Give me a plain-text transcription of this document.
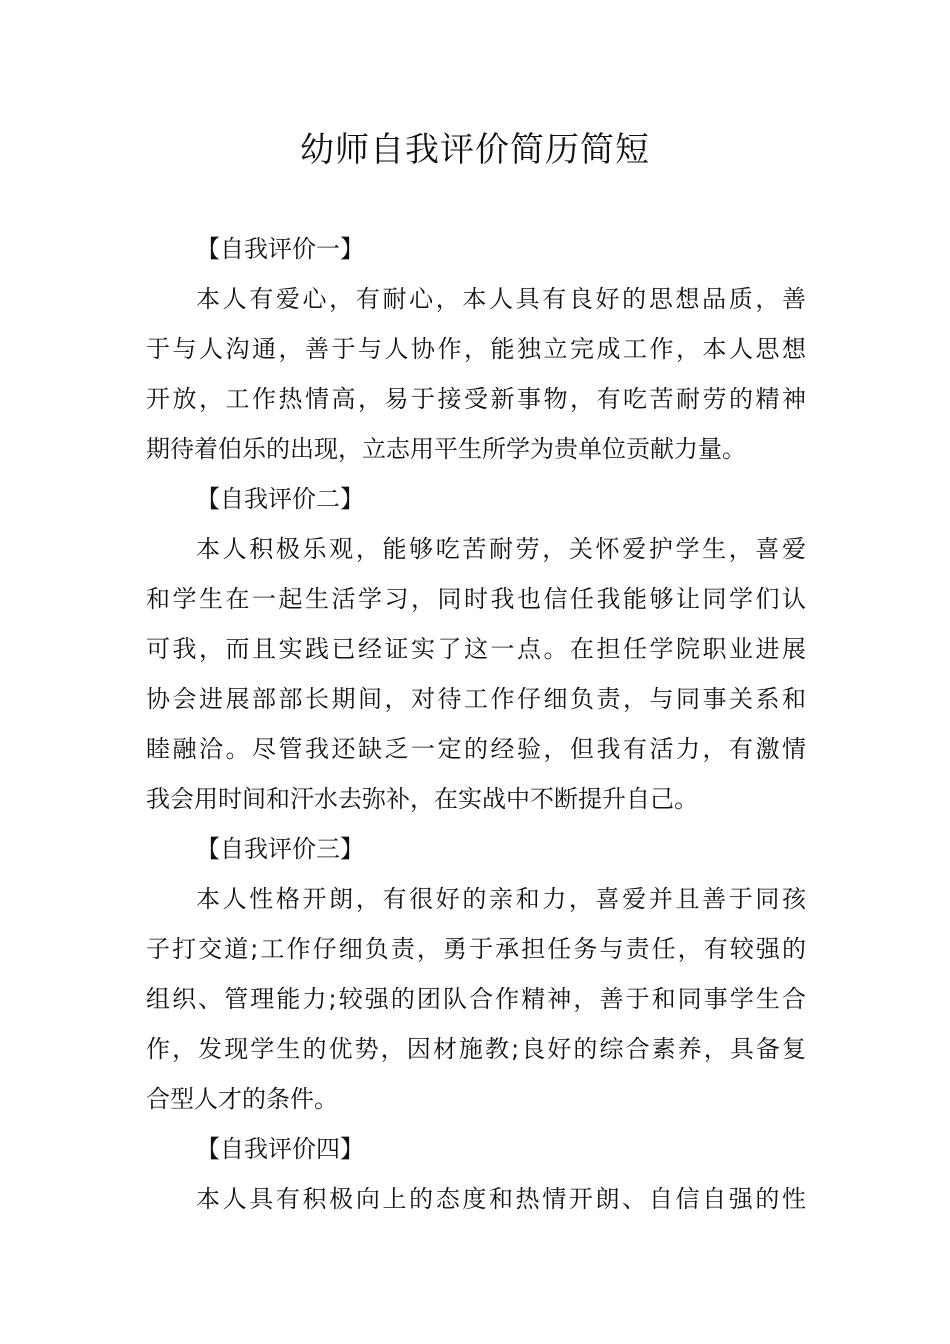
幼师自我评价简历简短

【自我评价一】

本人有爱心，有耐心，本人具有良好的思想品质，善
于与人沟通，善于与人协作，能独立完成工作，本人思想
开放，工作热情高，易于接受新事物，有吃苦耐劳的精神
期待着伯乐的出现，立志用平生所学为贵单位贡献力量。

【自我评价二】

本人积极乐观，能够吃苦耐劳，关怀爱护学生，喜爱
和学生在一起生活学习，同时我也信任我能够让同学们认
可我，而且实践已经证实了这一点。在担任学院职业进展
协会进展部部长期间，对待工作仔细负责，与同事关系和
睦融洽。尽管我还缺乏一定的经验，但我有活力，有激情
我会用时间和汗水去弥补，在实战中不断提升自己。

【自我评价三】

本人性格开朗，有很好的亲和力，喜爱并且善于同孩
子打交道;工作仔细负责，勇于承担任务与责任，有较强的
组织、管理能力;较强的团队合作精神，善于和同事学生合
作，发现学生的优势，因材施教;良好的综合素养，具备复
合型人才的条件。

【自我评价四】

本人具有积极向上的态度和热情开朗、自信自强的性
